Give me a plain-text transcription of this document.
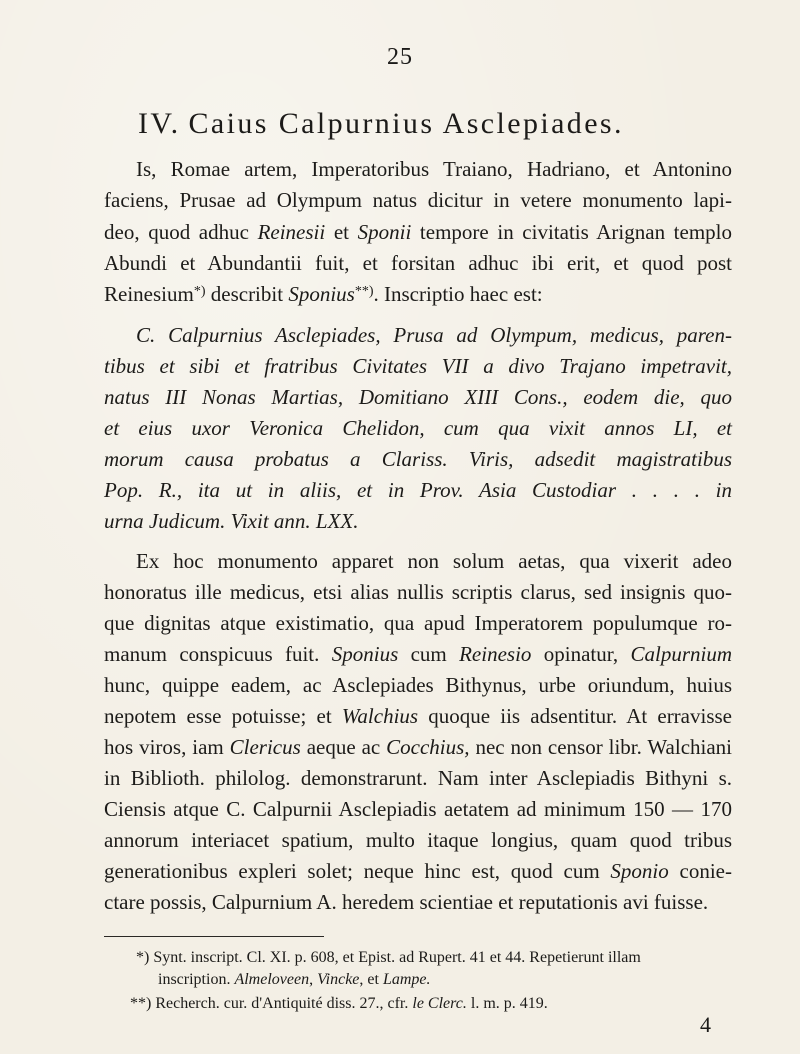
25
IV. Caius Calpurnius Asclepiades.
Is, Romae artem, Imperatoribus Traiano, Hadriano, et Antonino
faciens, Prusae ad Olympum natus dicitur in vetere monumento lapi-
deo, quod adhuc Reinesii et Sponii tempore in civitatis Arignan templo
Abundi et Abundantii fuit, et forsitan adhuc ibi erit, et quod post
Reinesium*) describit Sponius**). Inscriptio haec est:
C. Calpurnius Asclepiades, Prusa ad Olympum, medicus, paren-
tibus et sibi et fratribus Civitates VII a divo Trajano impetravit,
natus III Nonas Martias, Domitiano XIII Cons., eodem die, quo
et eius uxor Veronica Chelidon, cum qua vixit annos LI, et
morum causa probatus a Clariss. Viris, adsedit magistratibus
Pop. R., ita ut in aliis, et in Prov. Asia Custodiar . . . . in
urna Judicum. Vixit ann. LXX.
Ex hoc monumento apparet non solum aetas, qua vixerit adeo
honoratus ille medicus, etsi alias nullis scriptis clarus, sed insignis quo-
que dignitas atque existimatio, qua apud Imperatorem populumque ro-
manum conspicuus fuit. Sponius cum Reinesio opinatur, Calpurnium
hunc, quippe eadem, ac Asclepiades Bithynus, urbe oriundum, huius
nepotem esse potuisse; et Walchius quoque iis adsentitur. At erravisse
hos viros, iam Clericus aeque ac Cocchius, nec non censor libr. Walchiani
in Biblioth. philolog. demonstrarunt. Nam inter Asclepiadis Bithyni s.
Ciensis atque C. Calpurnii Asclepiadis aetatem ad minimum 150 — 170
annorum interiacet spatium, multo itaque longius, quam quod tribus
generationibus expleri solet; neque hinc est, quod cum Sponio conie-
ctare possis, Calpurnium A. heredem scientiae et reputationis avi fuisse.
*) Synt. inscript. Cl. XI. p. 608, et Epist. ad Rupert. 41 et 44. Repetierunt illam
inscription. Almeloveen, Vincke, et Lampe.
**) Recherch. cur. d'Antiquité diss. 27., cfr. le Clerc. l. m. p. 419.
4
